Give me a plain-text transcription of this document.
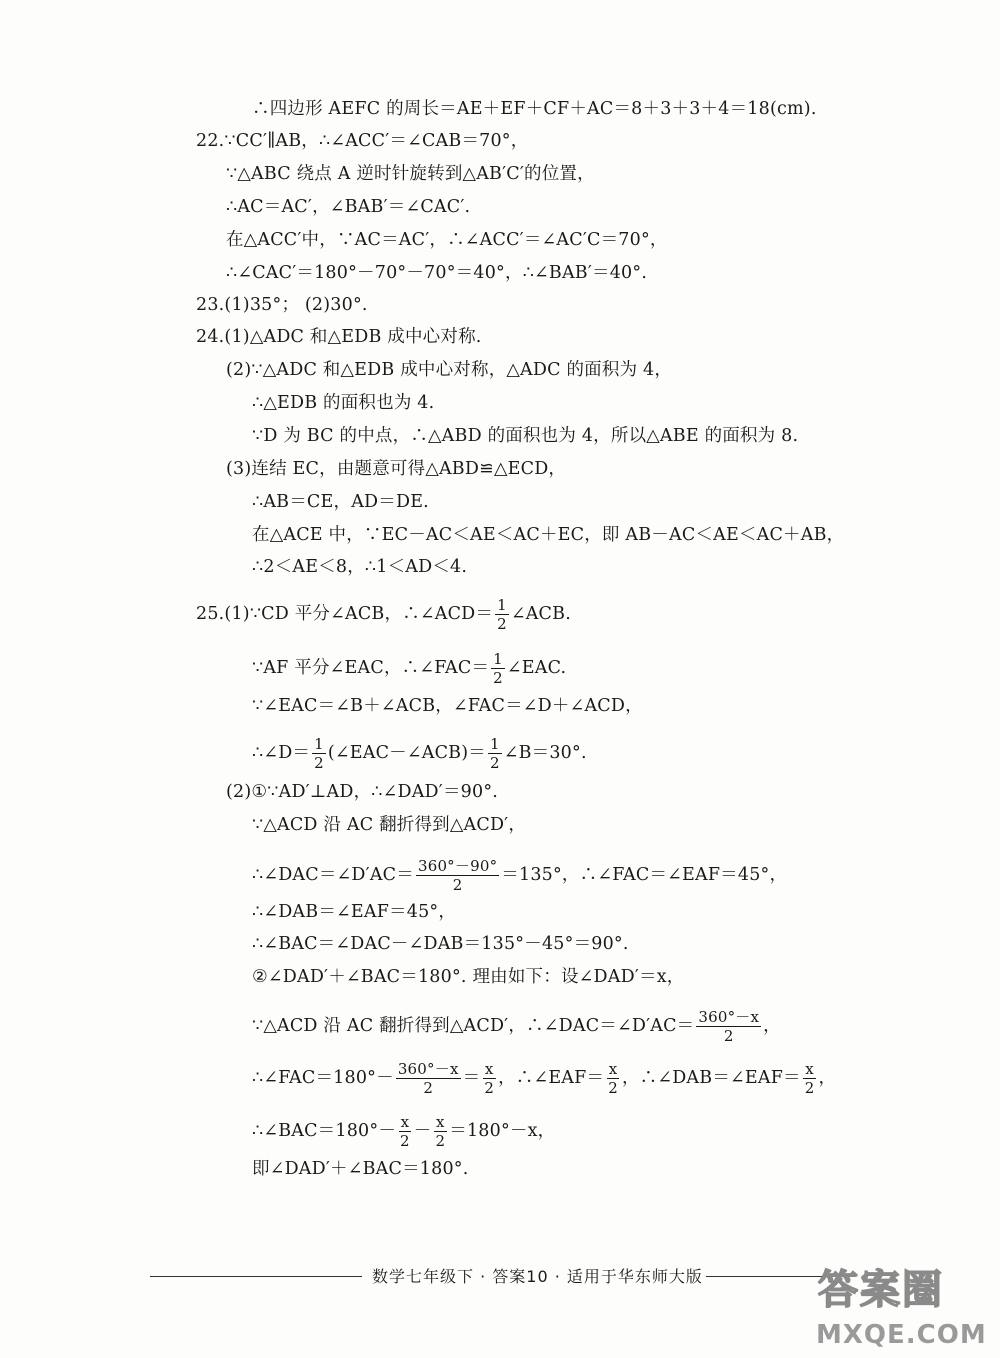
∴四边形 AEFC 的周长＝AE＋EF＋CF＋AC＝8＋3＋3＋4＝18(cm).
22.∵CC′∥AB，∴∠ACC′＝∠CAB＝70°，
∵△ABC 绕点 A 逆时针旋转到△AB′C′的位置，
∴AC＝AC′，∠BAB′＝∠CAC′.
在△ACC′中，∵AC＝AC′，∴∠ACC′＝∠AC′C＝70°，
∴∠CAC′＝180°－70°－70°＝40°，∴∠BAB′＝40°.
23.(1)35°； (2)30°.
24.(1)△ADC 和△EDB 成中心对称.
(2)∵△ADC 和△EDB 成中心对称，△ADC 的面积为 4，
∴△EDB 的面积也为 4.
∵D 为 BC 的中点，∴△ABD 的面积也为 4，所以△ABE 的面积为 8.
(3)连结 EC，由题意可得△ABD≌△ECD，
∴AB＝CE，AD＝DE.
在△ACE 中，∵EC－AC＜AE＜AC＋EC，即 AB－AC＜AE＜AC＋AB，
∴2＜AE＜8，∴1＜AD＜4.
25.(1)∵CD 平分∠ACB，∴∠ACD＝ $\frac{1}{2}$ ∠ACB.
∵AF 平分∠EAC，∴∠FAC＝ $\frac{1}{2}$ ∠EAC.
∵∠EAC＝∠B＋∠ACB，∠FAC＝∠D＋∠ACD，
∴∠D＝ $\frac{1}{2}$ (∠EAC－∠ACB)＝ $\frac{1}{2}$ ∠B＝30°.
(2)①∵AD′⊥AD，∴∠DAD′＝90°.
∵△ACD 沿 AC 翻折得到△ACD′，
∴∠DAC＝∠D′AC＝ $\frac{360^\circ-90^\circ}{2} =135^\circ$，∴∠FAC＝∠EAF＝45°，
∴∠DAB＝∠EAF＝45°，
∴∠BAC＝∠DAC－∠DAB＝135°－45°＝90°.
②∠DAD′＋∠BAC＝180°. 理由如下：设∠DAD′＝x，
∵△ACD 沿 AC 翻折得到△ACD′，∴∠DAC＝∠D′AC＝ $\frac{360^\circ-x}{2}$ ，
∴∠FAC＝180°－ $\frac{360^\circ-x}{2} = \frac{x}{2}$ ，∴∠EAF＝ $\frac{x}{2}$ ，∴∠DAB＝∠EAF＝ $\frac{x}{2}$ ，
∴∠BAC＝180°－ $\frac{x}{2} - \frac{x}{2} =180^\circ-x$，
即∠DAD′＋∠BAC＝180°.
数学七年级下 · 答案10 · 适用于华东师大版	答案圈
MXQE.COM
